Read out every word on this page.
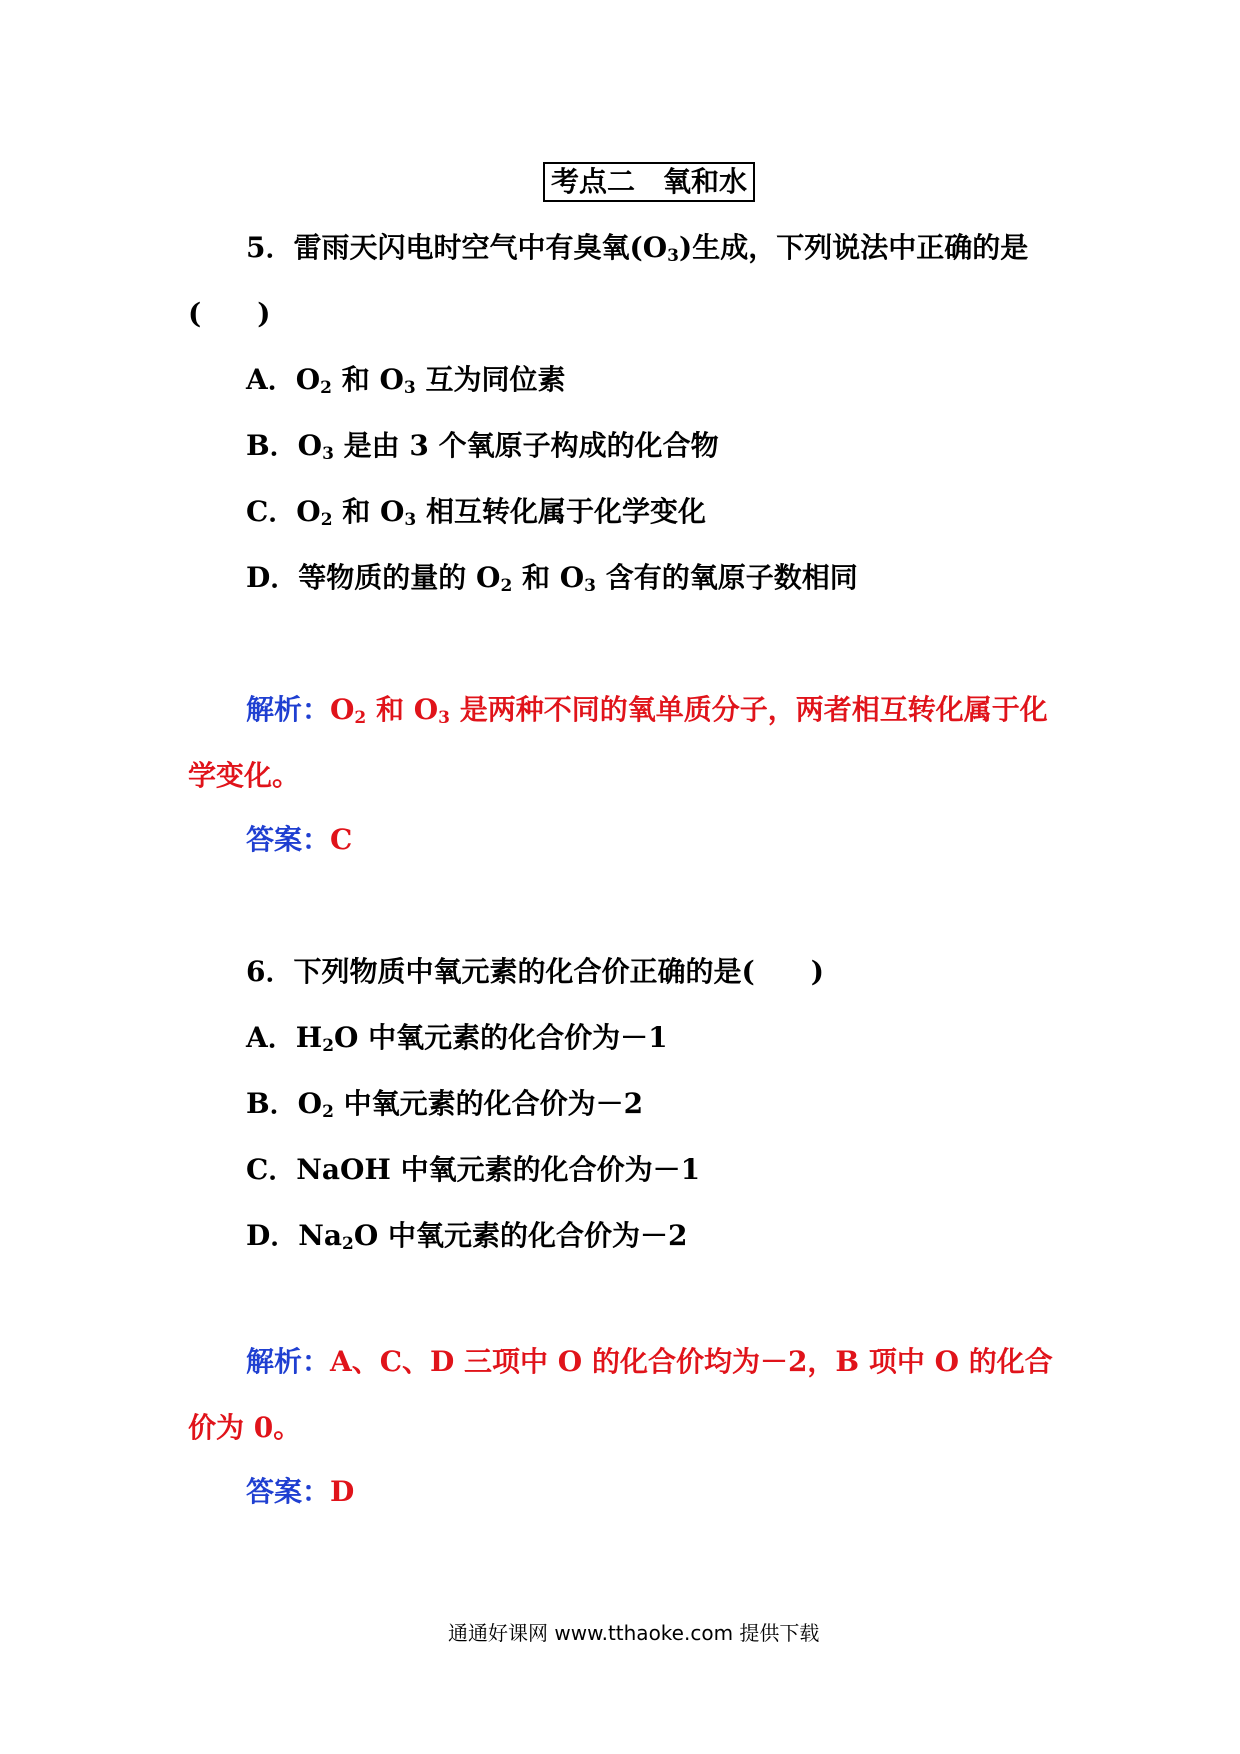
考点二 氧和水
5．雷雨天闪电时空气中有臭氧$(O_3)$生成，下列说法中正确的是
(　　)
A．$O_2$ 和 $O_3$ 互为同位素
B．$O_3$ 是由 3 个氧原子构成的化合物
C．$O_2$ 和 $O_3$ 相互转化属于化学变化
D．等物质的量的 $O_2$ 和 $O_3$ 含有的氧原子数相同
解析：$O_2$ 和 $O_3$ 是两种不同的氧单质分子，两者相互转化属于化
学变化。
答案：C
6．下列物质中氧元素的化合价正确的是(　　)
A．$H_2O$ 中氧元素的化合价为－1
B．$O_2$ 中氧元素的化合价为－2
C．NaOH 中氧元素的化合价为－1
D．$Na_2O$ 中氧元素的化合价为－2
解析：A、C、D 三项中 O 的化合价均为－2，B 项中 O 的化合
价为 0。
答案：D
通通好课网 www.tthaoke.com 提供下载
